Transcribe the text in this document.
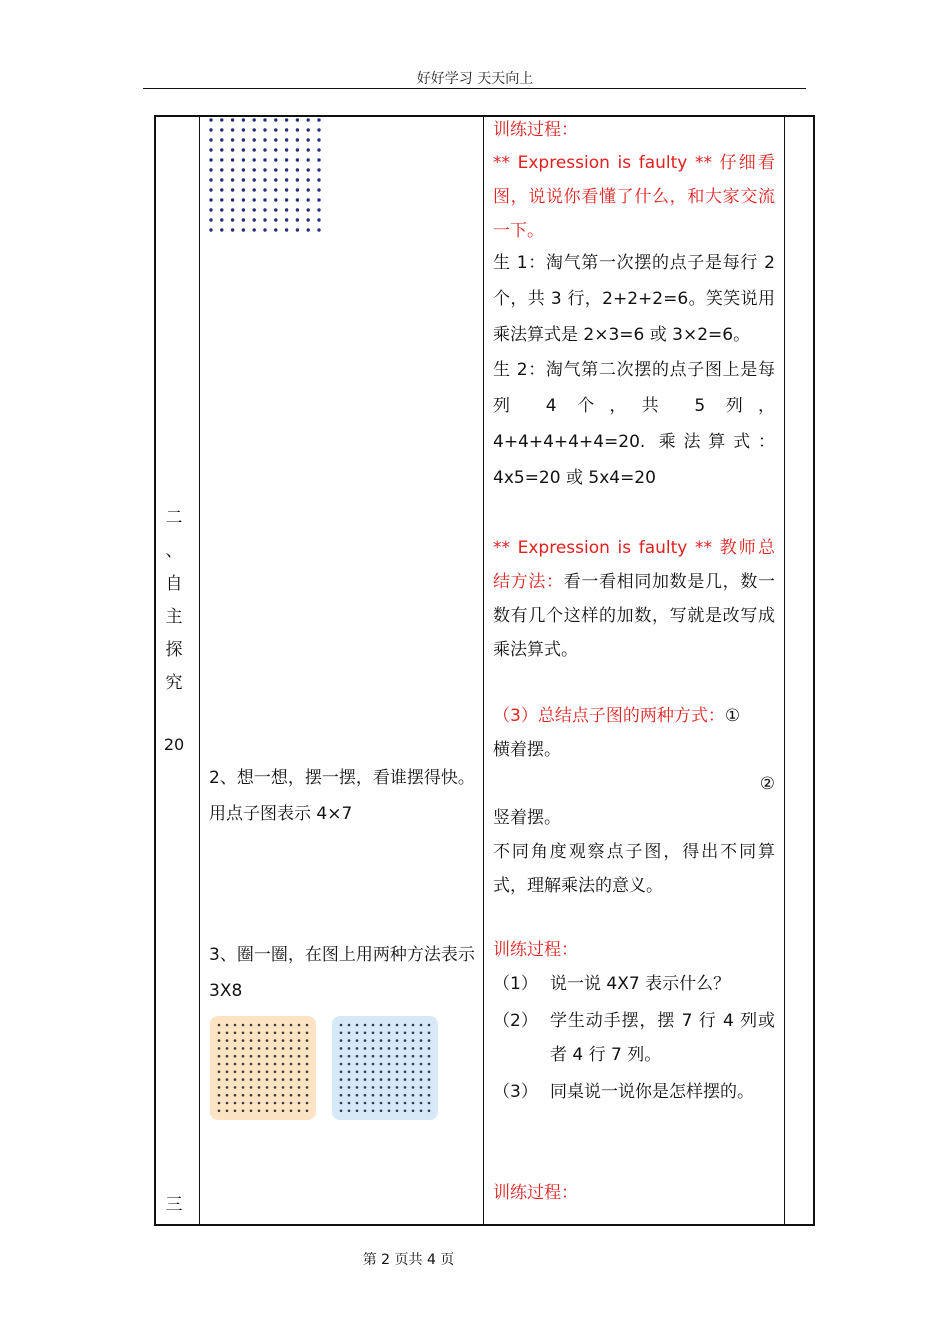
好好学习 天天向上
二
、
自
主
探
究
20
三
2、想一想，摆一摆，看谁摆得快。用点子图表示 4×7
3、圈一圈，在图上用两种方法表示 3X8
训练过程：
** Expression is faulty ** 仔细看图，说说你看懂了什么，和大家交流一下。
生 1：淘气第一次摆的点子是每行 2 个，共 3 行，2+2+2=6。笑笑说用乘法算式是 2×3=6 或 3×2=6。
生 2：淘气第二次摆的点子图上是每列 4 个，共 5 列，4+4+4+4+4=20. 乘法算式：4x5=20 或 5x4=20
** Expression is faulty ** 教师总结方法：看一看相同加数是几，数一数有几个这样的加数，写就是改写成乘法算式。
（3）总结点子图的两种方式：①
横着摆。
②
竖着摆。
不同角度观察点子图，得出不同算式，理解乘法的意义。
训练过程：
（1） 说一说 4X7 表示什么？
（2） 学生动手摆，摆 7 行 4 列或者 4 行 7 列。
（3） 同桌说一说你是怎样摆的。
训练过程：
第 2 页共 4 页
